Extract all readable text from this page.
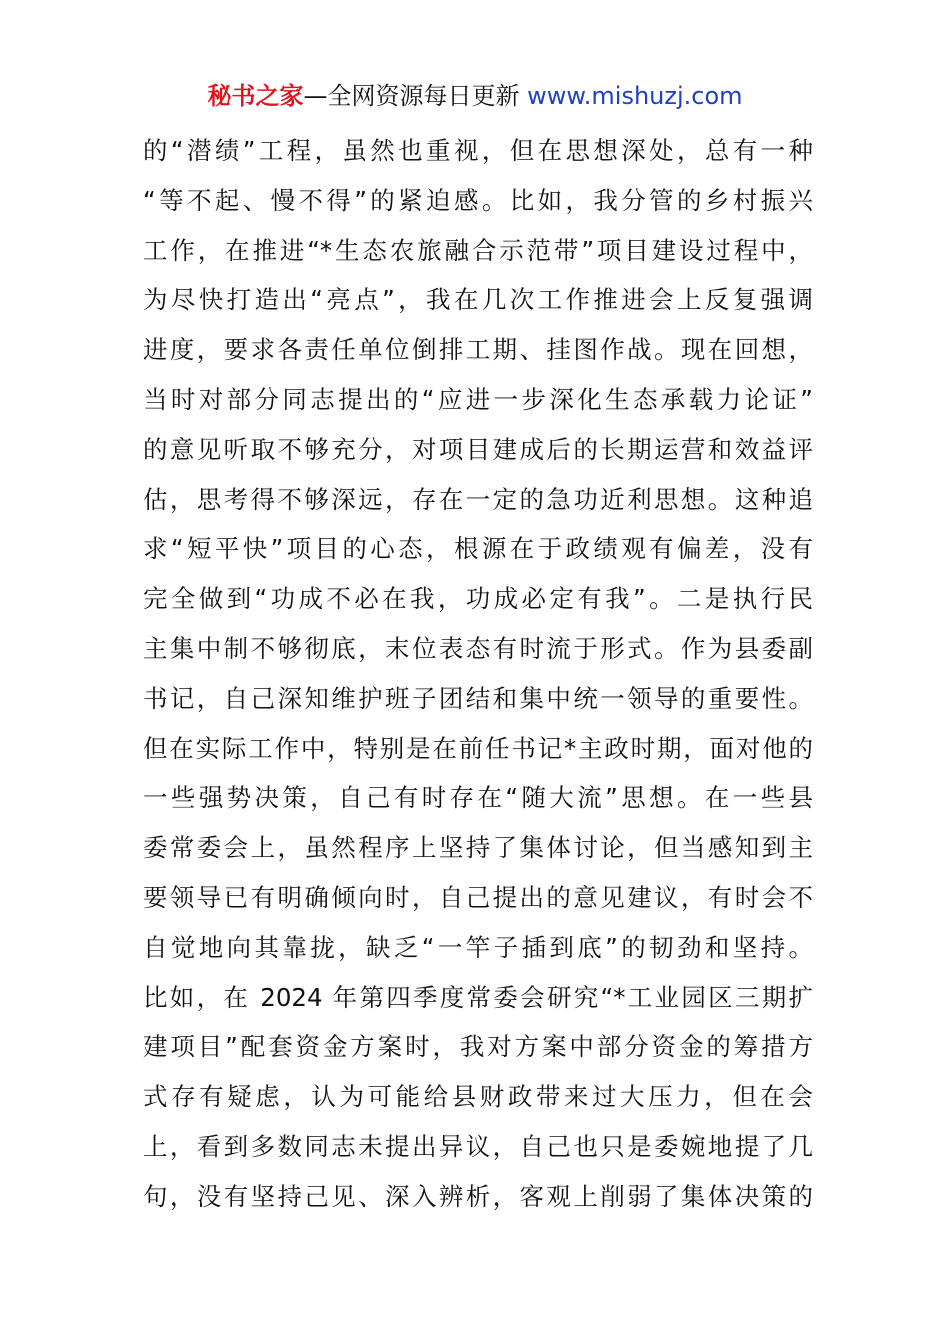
秘书之家—全网资源每日更新 www.mishuzj.com
的“潜绩”工程，虽然也重视，但在思想深处，总有一种
“等不起、慢不得”的紧迫感。比如，我分管的乡村振兴
工作，在推进“*生态农旅融合示范带”项目建设过程中，
为尽快打造出“亮点”，我在几次工作推进会上反复强调
进度，要求各责任单位倒排工期、挂图作战。现在回想，
当时对部分同志提出的“应进一步深化生态承载力论证”
的意见听取不够充分，对项目建成后的长期运营和效益评
估，思考得不够深远，存在一定的急功近利思想。这种追
求“短平快”项目的心态，根源在于政绩观有偏差，没有
完全做到“功成不必在我，功成必定有我”。二是执行民
主集中制不够彻底，末位表态有时流于形式。作为县委副
书记，自己深知维护班子团结和集中统一领导的重要性。
但在实际工作中，特别是在前任书记*主政时期，面对他的
一些强势决策，自己有时存在“随大流”思想。在一些县
委常委会上，虽然程序上坚持了集体讨论，但当感知到主
要领导已有明确倾向时，自己提出的意见建议，有时会不
自觉地向其靠拢，缺乏“一竿子插到底”的韧劲和坚持。
比如，在 2024 年第四季度常委会研究“*工业园区三期扩
建项目”配套资金方案时，我对方案中部分资金的筹措方
式存有疑虑，认为可能给县财政带来过大压力，但在会
上，看到多数同志未提出异议，自己也只是委婉地提了几
句，没有坚持己见、深入辨析，客观上削弱了集体决策的
